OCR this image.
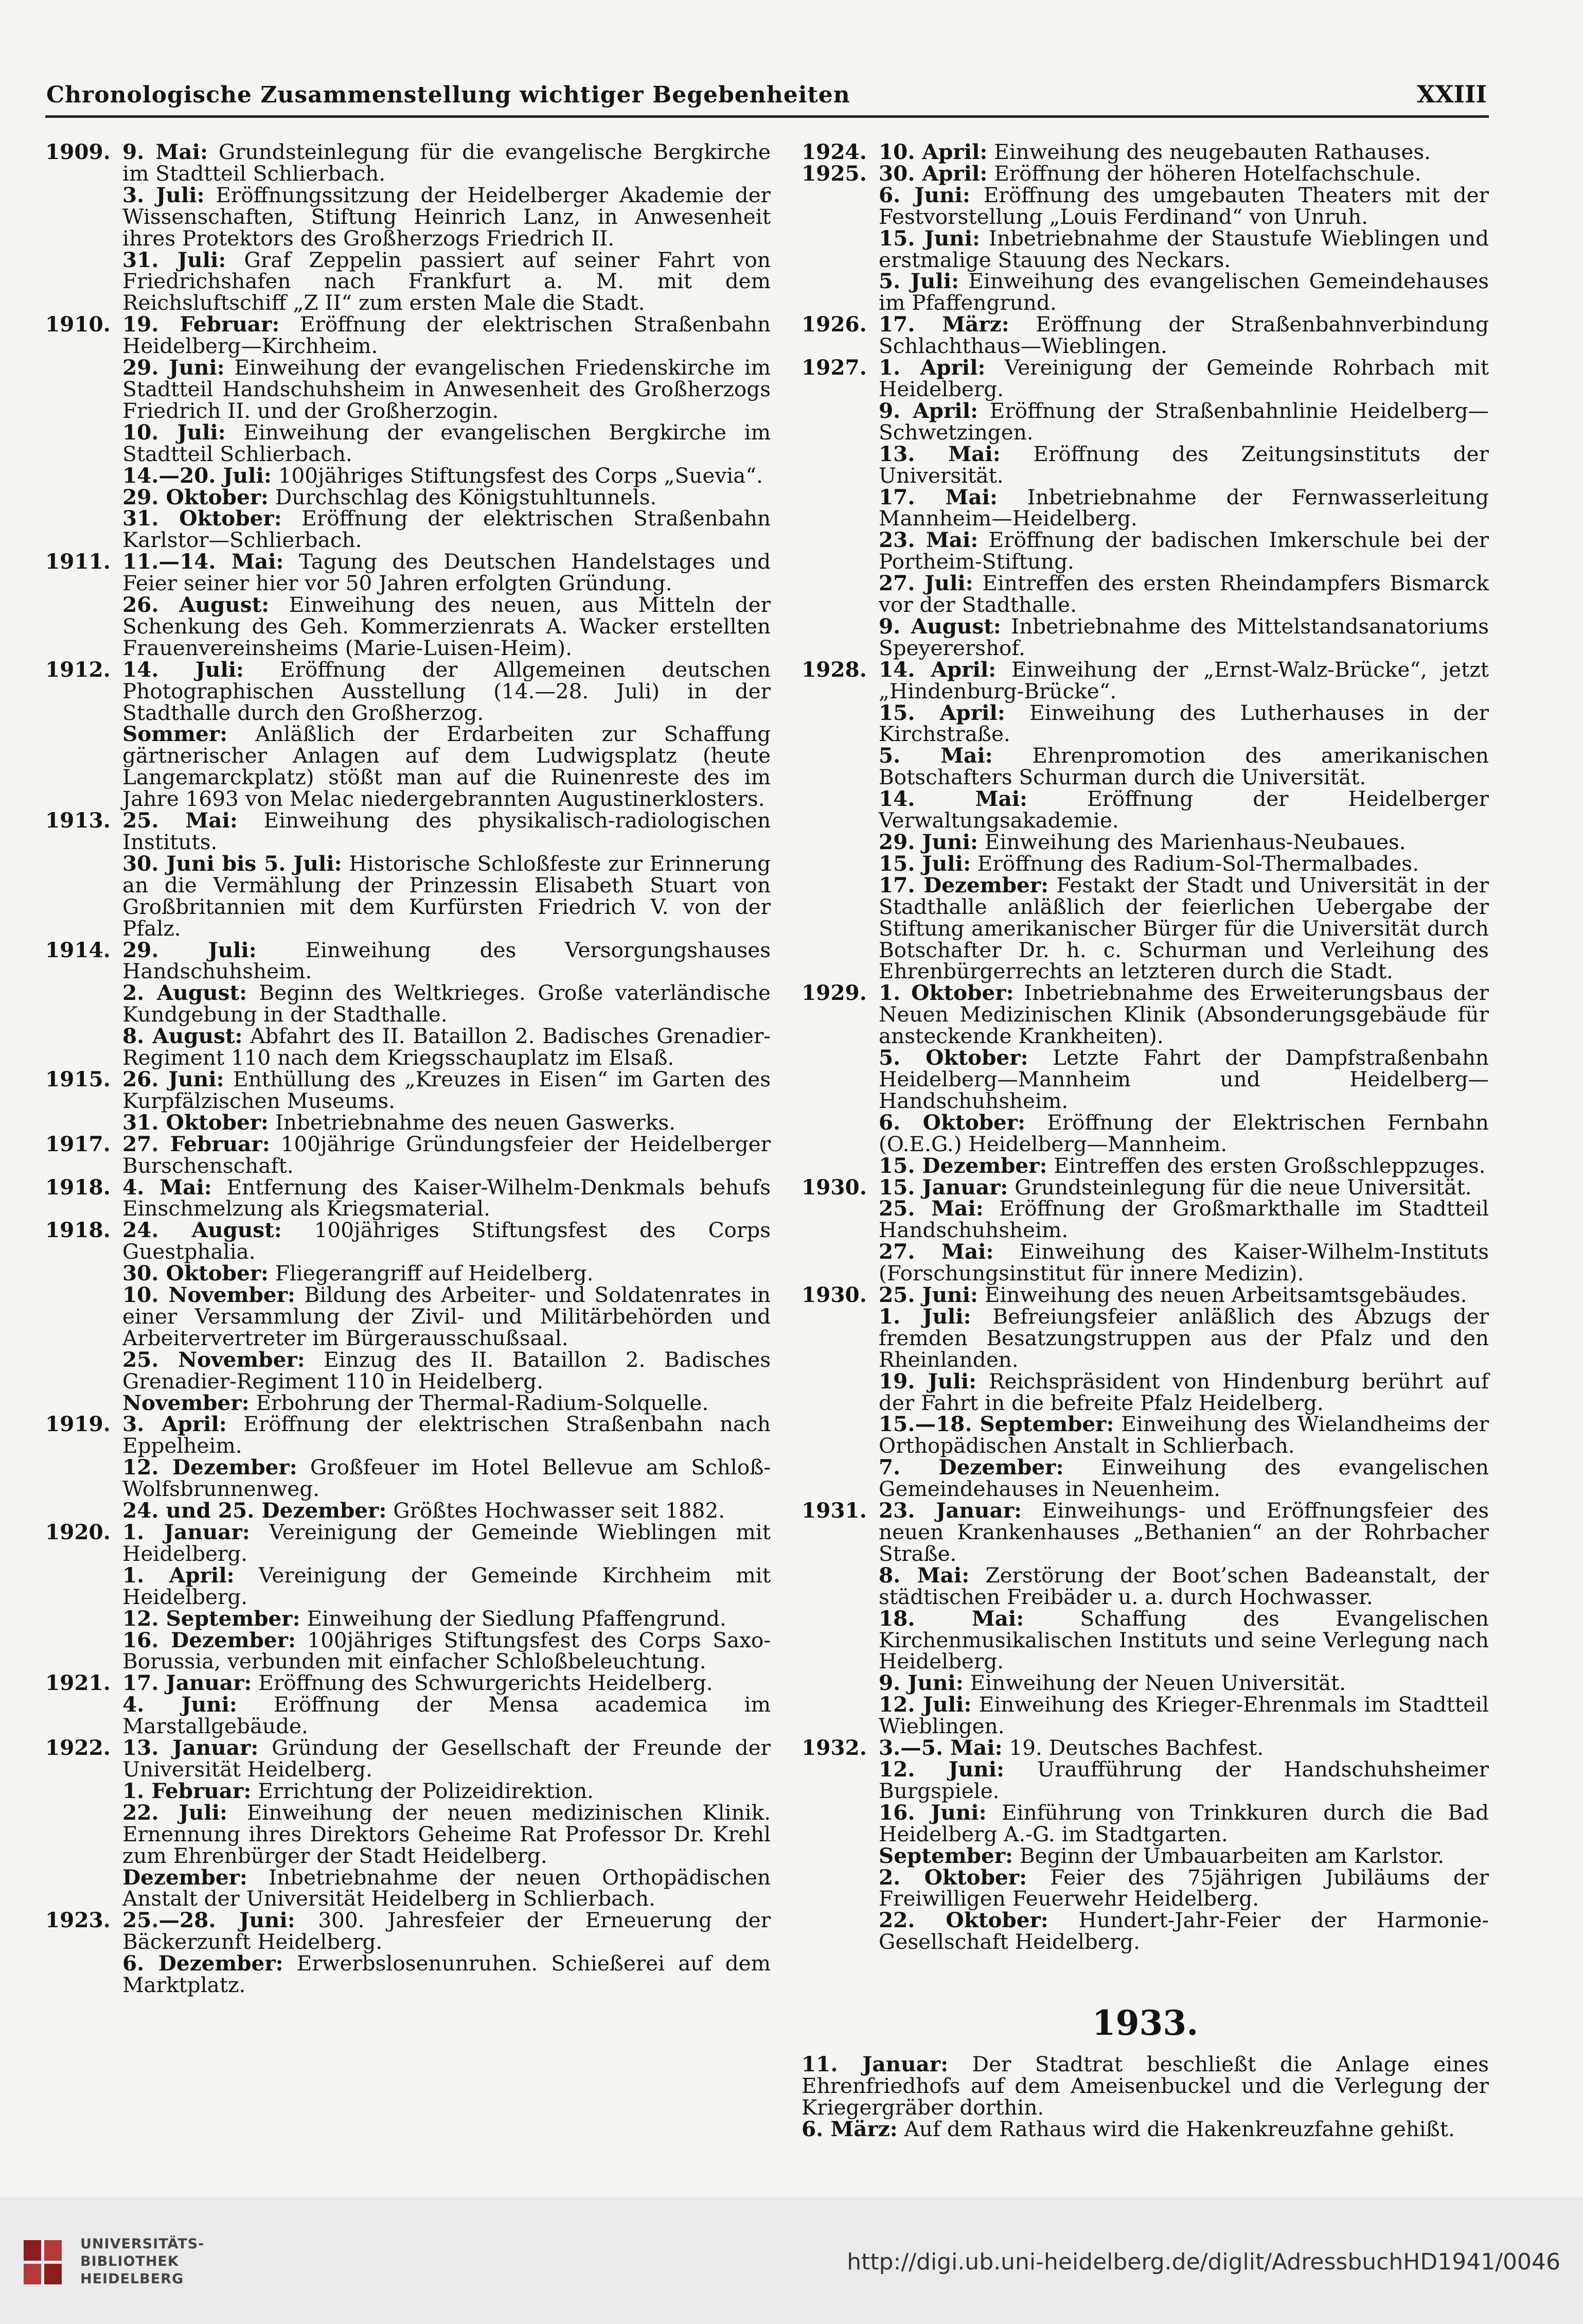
Chronologische Zusammenstellung wichtiger Begebenheiten	XXIII
1909. 9. Mai: Grundsteinlegung für die evangelische Bergkirche im Stadtteil Schlierbach.

3. Juli: Eröffnungssitzung der Heidelberger Akademie der Wissenschaften, Stiftung Heinrich Lanz, in Anwesenheit ihres Protektors des Großherzogs Friedrich II.

31. Juli: Graf Zeppelin passiert auf seiner Fahrt von Friedrichshafen nach Frankfurt a. M. mit dem Reichsluftschiff „Z II“ zum ersten Male die Stadt.

1910. 19. Februar: Eröffnung der elektrischen Straßenbahn Heidelberg—Kirchheim.

29. Juni: Einweihung der evangelischen Friedenskirche im Stadtteil Handschuhsheim in Anwesenheit des Großherzogs Friedrich II. und der Großherzogin.

10. Juli: Einweihung der evangelischen Bergkirche im Stadtteil Schlierbach.

14.—20. Juli: 100jähriges Stiftungsfest des Corps „Suevia“.

29. Oktober: Durchschlag des Königstuhltunnels.

31. Oktober: Eröffnung der elektrischen Straßenbahn Karlstor—Schlierbach.

1911. 11.—14. Mai: Tagung des Deutschen Handelstages und Feier seiner hier vor 50 Jahren erfolgten Gründung.

26. August: Einweihung des neuen, aus Mitteln der Schenkung des Geh. Kommerzienrats A. Wacker erstellten Frauenvereinsheims (Marie-Luisen-Heim).

1912. 14. Juli: Eröffnung der Allgemeinen deutschen Photographischen Ausstellung (14.—28. Juli) in der Stadthalle durch den Großherzog.

Sommer: Anläßlich der Erdarbeiten zur Schaffung gärtnerischer Anlagen auf dem Ludwigsplatz (heute Langemarckplatz) stößt man auf die Ruinenreste des im Jahre 1693 von Melac niedergebrannten Augustinerklosters.

1913. 25. Mai: Einweihung des physikalisch-radiologischen Instituts.

30. Juni bis 5. Juli: Historische Schloßfeste zur Erinnerung an die Vermählung der Prinzessin Elisabeth Stuart von Großbritannien mit dem Kurfürsten Friedrich V. von der Pfalz.

1914. 29. Juli: Einweihung des Versorgungshauses Handschuhsheim.

2. August: Beginn des Weltkrieges. Große vaterländische Kundgebung in der Stadthalle.

8. August: Abfahrt des II. Bataillon 2. Badisches Grenadier-Regiment 110 nach dem Kriegsschauplatz im Elsaß.

1915. 26. Juni: Enthüllung des „Kreuzes in Eisen“ im Garten des Kurpfälzischen Museums.

31. Oktober: Inbetriebnahme des neuen Gaswerks.

1917. 27. Februar: 100jährige Gründungsfeier der Heidelberger Burschenschaft.

1918. 4. Mai: Entfernung des Kaiser-Wilhelm-Denkmals behufs Einschmelzung als Kriegsmaterial.

1918. 24. August: 100jähriges Stiftungsfest des Corps Guestphalia.

30. Oktober: Fliegerangriff auf Heidelberg.

10. November: Bildung des Arbeiter- und Soldatenrates in einer Versammlung der Zivil- und Militärbehörden und Arbeitervertreter im Bürgerausschußsaal.

25. November: Einzug des II. Bataillon 2. Badisches Grenadier-Regiment 110 in Heidelberg.

November: Erbohrung der Thermal-Radium-Solquelle.

1919. 3. April: Eröffnung der elektrischen Straßenbahn nach Eppelheim.

12. Dezember: Großfeuer im Hotel Bellevue am Schloß-Wolfsbrunnenweg.

24. und 25. Dezember: Größtes Hochwasser seit 1882.

1920. 1. Januar: Vereinigung der Gemeinde Wieblingen mit Heidelberg.

1. April: Vereinigung der Gemeinde Kirchheim mit Heidelberg.

12. September: Einweihung der Siedlung Pfaffengrund.

16. Dezember: 100jähriges Stiftungsfest des Corps Saxo-Borussia, verbunden mit einfacher Schloßbeleuchtung.

1921. 17. Januar: Eröffnung des Schwurgerichts Heidelberg.

4. Juni: Eröffnung der Mensa academica im Marstallgebäude.

1922. 13. Januar: Gründung der Gesellschaft der Freunde der Universität Heidelberg.

1. Februar: Errichtung der Polizeidirektion.

22. Juli: Einweihung der neuen medizinischen Klinik. Ernennung ihres Direktors Geheime Rat Professor Dr. Krehl zum Ehrenbürger der Stadt Heidelberg.

Dezember: Inbetriebnahme der neuen Orthopädischen Anstalt der Universität Heidelberg in Schlierbach.

1923. 25.—28. Juni: 300. Jahresfeier der Erneuerung der Bäckerzunft Heidelberg.

6. Dezember: Erwerbslosenunruhen. Schießerei auf dem Marktplatz.

1924. 10. April: Einweihung des neugebauten Rathauses.

1925. 30. April: Eröffnung der höheren Hotelfachschule.

6. Juni: Eröffnung des umgebauten Theaters mit der Festvorstellung „Louis Ferdinand“ von Unruh.

15. Juni: Inbetriebnahme der Staustufe Wieblingen und erstmalige Stauung des Neckars.

5. Juli: Einweihung des evangelischen Gemeindehauses im Pfaffengrund.

1926. 17. März: Eröffnung der Straßenbahnverbindung Schlachthaus—Wieblingen.

1927. 1. April: Vereinigung der Gemeinde Rohrbach mit Heidelberg.

9. April: Eröffnung der Straßenbahnlinie Heidelberg—Schwetzingen.

13. Mai: Eröffnung des Zeitungsinstituts der Universität.

17. Mai: Inbetriebnahme der Fernwasserleitung Mannheim—Heidelberg.

23. Mai: Eröffnung der badischen Imkerschule bei der Portheim-Stiftung.

27. Juli: Eintreffen des ersten Rheindampfers Bismarck vor der Stadthalle.

9. August: Inbetriebnahme des Mittelstandsanatoriums Speyerershof.

1928. 14. April: Einweihung der „Ernst-Walz-Brücke“, jetzt „Hindenburg-Brücke“.

15. April: Einweihung des Lutherhauses in der Kirchstraße.

5. Mai: Ehrenpromotion des amerikanischen Botschafters Schurman durch die Universität.

14. Mai:	Eröffnung der Heidelberger Verwaltungsakademie.

29. Juni: Einweihung des Marienhaus-Neubaues.

15. Juli: Eröffnung des Radium-Sol-Thermalbades.

17. Dezember: Festakt der Stadt und Universität in der Stadthalle anläßlich der feierlichen Uebergabe der Stiftung amerikanischer Bürger für die Universität durch Botschafter Dr. h. c. Schurman und Verleihung des Ehrenbürgerrechts an letzteren durch die Stadt.

1929. 1. Oktober: Inbetriebnahme des Erweiterungsbaus der Neuen Medizinischen Klinik (Absonderungsgebäude für ansteckende Krankheiten).

5. Oktober: Letzte Fahrt der Dampfstraßenbahn Heidelberg—Mannheim und Heidelberg—Handschuhsheim.

6. Oktober: Eröffnung der Elektrischen Fernbahn (O.E.G.) Heidelberg—Mannheim.

15. Dezember: Eintreffen des ersten Großschleppzuges.

1930. 15. Januar: Grundsteinlegung für die neue Universität.

25. Mai: Eröffnung der Großmarkthalle im Stadtteil Handschuhsheim.

27. Mai: Einweihung des Kaiser-Wilhelm-Instituts (Forschungsinstitut für innere Medizin).

1930. 25. Juni: Einweihung des neuen Arbeitsamtsgebäudes.

1. Juli: Befreiungsfeier anläßlich des Abzugs der fremden Besatzungstruppen aus der Pfalz und den Rheinlanden.

19. Juli: Reichspräsident von Hindenburg berührt auf der Fahrt in die befreite Pfalz Heidelberg.

15.—18. September: Einweihung des Wielandheims der Orthopädischen Anstalt in Schlierbach.

7. Dezember: Einweihung des evangelischen Gemeindehauses in Neuenheim.

1931. 23. Januar: Einweihungs- und Eröffnungsfeier des neuen Krankenhauses „Bethanien“ an der Rohrbacher Straße.

8. Mai: Zerstörung der Boot’schen Badeanstalt, der städtischen Freibäder u. a. durch Hochwasser.

18. Mai:	Schaffung des Evangelischen Kirchenmusikalischen Instituts und seine Verlegung nach Heidelberg.

9. Juni: Einweihung der Neuen Universität.

12. Juli: Einweihung des Krieger-Ehrenmals im Stadtteil Wieblingen.

1932. 3.—5. Mai: 19. Deutsches Bachfest.

12. Juni: Uraufführung der Handschuhsheimer Burgspiele.

16. Juni: Einführung von Trinkkuren durch die Bad Heidelberg A.-G. im Stadtgarten.

September: Beginn der Umbauarbeiten am Karlstor.

2. Oktober: Feier des 75jährigen Jubiläums der Freiwilligen Feuerwehr Heidelberg.

22. Oktober: Hundert-Jahr-Feier der Harmonie-Gesellschaft Heidelberg.

1933.

11. Januar: Der Stadtrat beschließt die Anlage eines Ehrenfriedhofs auf dem Ameisenbuckel und die Verlegung der Kriegergräber dorthin.

6. März: Auf dem Rathaus wird die Hakenkreuzfahne gehißt.

UNIVERSITÄTS-
BIBLIOTHEK
HEIDELBERG
http://digi.ub.uni-heidelberg.de/diglit/AdressbuchHD1941/0046
